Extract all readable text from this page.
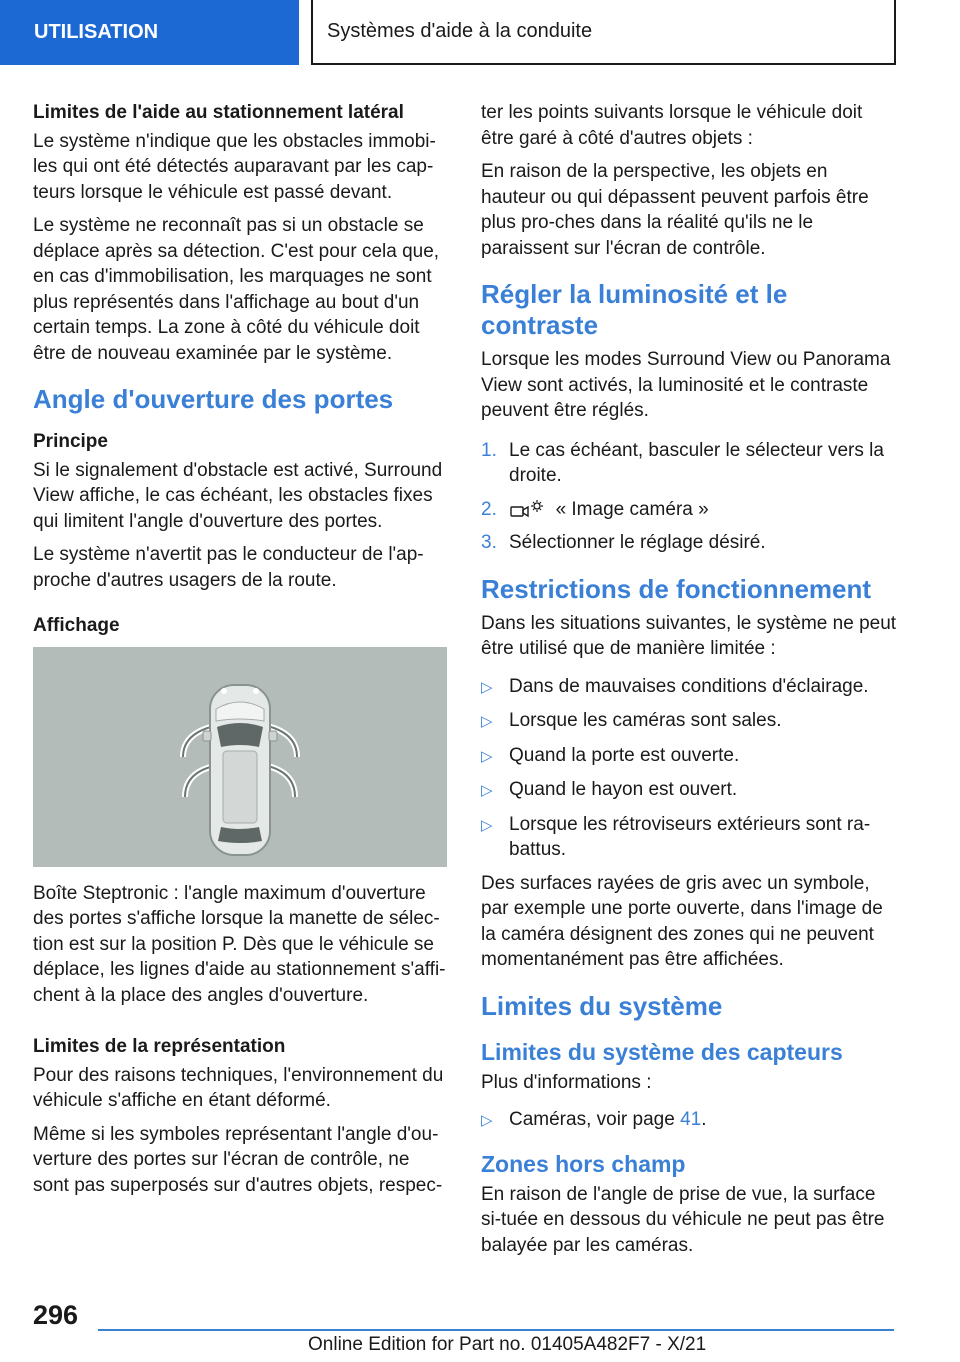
UTILISATION	Systèmes d'aide à la conduite
Limites de l'aide au stationnement latéral

Le système n'indique que les obstacles immobi-les qui ont été détectés auparavant par les cap-teurs lorsque le véhicule est passé devant.

Le système ne reconnaît pas si un obstacle se déplace après sa détection. C'est pour cela que, en cas d'immobilisation, les marquages ne sont plus représentés dans l'affichage au bout d'un certain temps. La zone à côté du véhicule doit être de nouveau examinée par le système.

Angle d'ouverture des portes
Principe

Si le signalement d'obstacle est activé, Surround View affiche, le cas échéant, les obstacles fixes qui limitent l'angle d'ouverture des portes.

Le système n'avertit pas le conducteur de l'ap-proche d'autres usagers de la route.

Affichage

Boîte Steptronic : l'angle maximum d'ouverture des portes s'affiche lorsque la manette de sélec-tion est sur la position P. Dès que le véhicule se déplace, les lignes d'aide au stationnement s'affi-chent à la place des angles d'ouverture.

Limites de la représentation

Pour des raisons techniques, l'environnement du véhicule s'affiche en étant déformé.

Même si les symboles représentant l'angle d'ou-verture des portes sur l'écran de contrôle, ne sont pas superposés sur d'autres objets, respec-

ter les points suivants lorsque le véhicule doit être garé à côté d'autres objets :

En raison de la perspective, les objets en hauteur ou qui dépassent peuvent parfois être plus pro-ches dans la réalité qu'ils ne le paraissent sur l'écran de contrôle.

Régler la luminosité et le contraste

Lorsque les modes Surround View ou Panorama View sont activés, la luminosité et le contraste peuvent être réglés.

1. Le cas échéant, basculer le sélecteur vers la droite.
2.	« Image caméra »
3. Sélectionner le réglage désiré.
Restrictions de fonctionnement

Dans les situations suivantes, le système ne peut être utilisé que de manière limitée :

▷ Dans de mauvaises conditions d'éclairage.
▷ Lorsque les caméras sont sales.
▷ Quand la porte est ouverte.
▷ Quand le hayon est ouvert.
▷ Lorsque les rétroviseurs extérieurs sont ra-battus.

Des surfaces rayées de gris avec un symbole, par exemple une porte ouverte, dans l'image de la caméra désignent des zones qui ne peuvent momentanément pas être affichées.

Limites du système
Limites du système des capteurs

Plus d'informations :

▷ Caméras, voir page 41.
Zones hors champ

En raison de l'angle de prise de vue, la surface si-tuée en dessous du véhicule ne peut pas être balayée par les caméras.

296
Online Edition for Part no. 01405A482F7 - X/21
